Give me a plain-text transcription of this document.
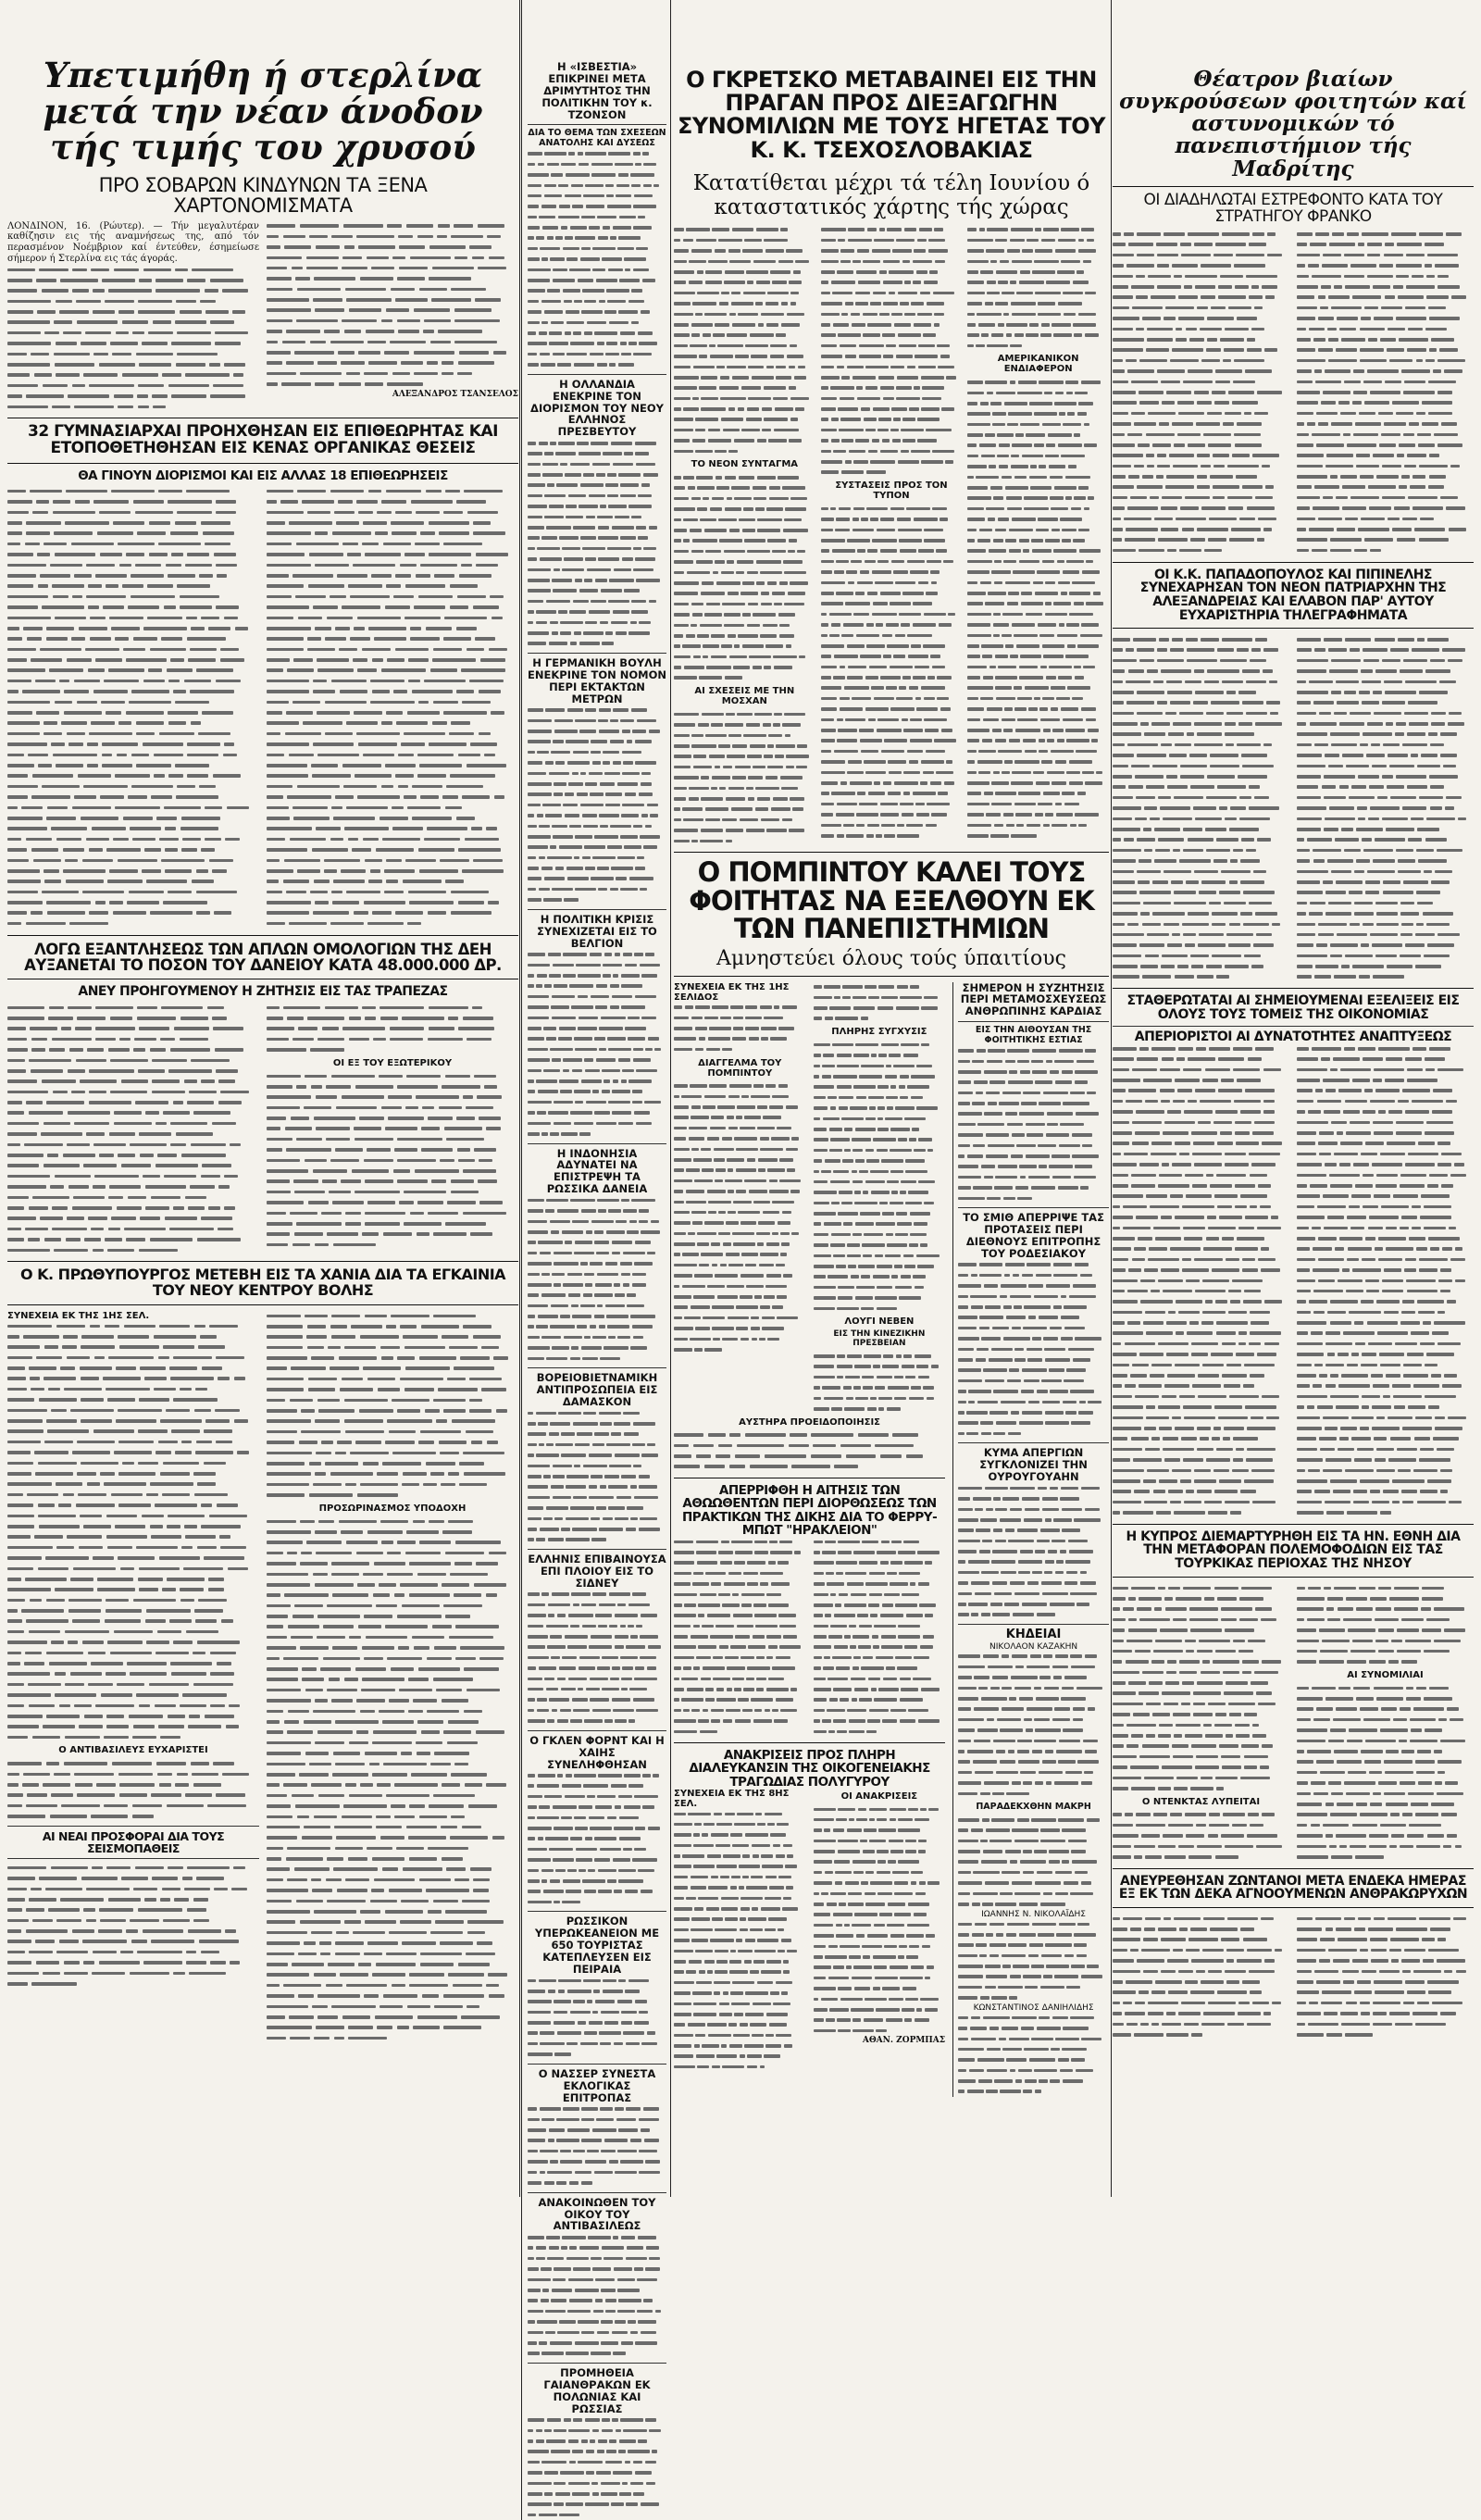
Υπετιμήθη ή στερλίνα μετά την νέαν άνοδον τής τιμής του χρυσού
ΠΡΟ ΣΟΒΑΡΩΝ ΚΙΝΔΥΝΩΝ ΤΑ ΞΕΝΑ ΧΑΡΤΟΝΟΜΙΣΜΑΤΑ

ΛΟΝΔΙΝΟΝ, 16. (Ρώυτερ). — Τήν μεγαλυτέραν καθίζησιν εις τής αναμνήσεως της, από τόν περασμένον Νοέμβριον καί έντεύθεν, έσημείωσε σήμερον ή Στερλίνα εις τάς άγοράς.

ΑΛΕΞΑΝΔΡΟΣ ΤΣΑΝΣΕΛΟΣ
32 ΓΥΜΝΑΣΙΑΡΧΑΙ ΠΡΟΗΧΘΗΣΑΝ ΕΙΣ ΕΠΙΘΕΩΡΗΤΑΣ ΚΑΙ ΕΤΟΠΟΘΕΤΗΘΗΣΑΝ ΕΙΣ ΚΕΝΑΣ ΟΡΓΑΝΙΚΑΣ ΘΕΣΕΙΣ
ΘΑ ΓΙΝΟΥΝ ΔΙΟΡΙΣΜΟΙ ΚΑΙ ΕΙΣ ΑΛΛΑΣ 18 ΕΠΙΘΕΩΡΗΣΕΙΣ
ΛΟΓΩ ΕΞΑΝΤΛΗΣΕΩΣ ΤΩΝ ΑΠΛΩΝ ΟΜΟΛΟΓΙΩΝ ΤΗΣ ΔΕΗ ΑΥΞΑΝΕΤΑΙ ΤΟ ΠΟΣΟΝ ΤΟΥ ΔΑΝΕΙΟΥ ΚΑΤΑ 48.000.000 ΔΡ.
ΑΝΕΥ ΠΡΟΗΓΟΥΜΕΝΟΥ Η ΖΗΤΗΣΙΣ ΕΙΣ ΤΑΣ ΤΡΑΠΕΖΑΣ
ΟΙ ΕΞ ΤΟΥ ΕΞΩΤΕΡΙΚΟΥ
Ο Κ. ΠΡΩΘΥΠΟΥΡΓΟΣ ΜΕΤΕΒΗ ΕΙΣ ΤΑ ΧΑΝΙΑ ΔΙΑ ΤΑ ΕΓΚΑΙΝΙΑ ΤΟΥ ΝΕΟΥ ΚΕΝΤΡΟΥ ΒΟΛΗΣ
ΣΥΝΕΧΕΙΑ ΕΚ ΤΗΣ 1ΗΣ ΣΕΛ.
Ο ΑΝΤΙΒΑΣΙΛΕΥΣ ΕΥΧΑΡΙΣΤΕΙ
ΑΙ ΝΕΑΙ ΠΡΟΣΦΟΡΑΙ ΔΙΑ ΤΟΥΣ ΣΕΙΣΜΟΠΑΘΕΙΣ
ΠΡΟΣΩΡΙΝΑΣΜΟΣ ΥΠΟΔΟΧΗ
Η «ΙΣΒΕΣΤΙΑ» ΕΠΙΚΡΙΝΕΙ ΜΕΤΑ ΔΡΙΜΥΤΗΤΟΣ ΤΗΝ ΠΟΛΙΤΙΚΗΝ ΤΟΥ κ. ΤΖΟΝΣΟΝ
ΔΙΑ ΤΟ ΘΕΜΑ ΤΩΝ ΣΧΕΣΕΩΝ ΑΝΑΤΟΛΗΣ ΚΑΙ ΔΥΣΕΩΣ
Η ΟΛΛΑΝΔΙΑ ΕΝΕΚΡΙΝΕ ΤΟΝ ΔΙΟΡΙΣΜΟΝ ΤΟΥ ΝΕΟΥ ΕΛΛΗΝΟΣ ΠΡΕΣΒΕΥΤΟΥ
Η ΓΕΡΜΑΝΙΚΗ ΒΟΥΛΗ ΕΝΕΚΡΙΝΕ ΤΟΝ ΝΟΜΟΝ ΠΕΡΙ ΕΚΤΑΚΤΩΝ ΜΕΤΡΩΝ
Η ΠΟΛΙΤΙΚΗ ΚΡΙΣΙΣ ΣΥΝΕΧΙΖΕΤΑΙ ΕΙΣ ΤΟ ΒΕΛΓΙΟΝ
Η ΙΝΔΟΝΗΣΙΑ ΑΔΥΝΑΤΕΙ ΝΑ ΕΠΙΣΤΡΕΨΗ ΤΑ ΡΩΣΣΙΚΑ ΔΑΝΕΙΑ
ΒΟΡΕΙΟΒΙΕΤΝΑΜΙΚΗ ΑΝΤΙΠΡΟΣΩΠΕΙΑ ΕΙΣ ΔΑΜΑΣΚΟΝ
ΕΛΛΗΝΙΣ ΕΠΙΒΑΙΝΟΥΣΑ ΕΠΙ ΠΛΟΙΟΥ ΕΙΣ ΤΟ ΣΙΔΝΕΥ
Ο ΓΚΛΕΝ ΦΟΡΝΤ ΚΑΙ Η ΧΑΙΗΣ ΣΥΝΕΛΗΦΘΗΣΑΝ
ΡΩΣΣΙΚΟΝ ΥΠΕΡΩΚΕΑΝΕΙΟΝ ΜΕ 650 ΤΟΥΡΙΣΤΑΣ ΚΑΤΕΠΛΕΥΣΕΝ ΕΙΣ ΠΕΙΡΑΙΑ
Ο ΝΑΣΣΕΡ ΣΥΝΕΣΤΑ ΕΚΛΟΓΙΚΑΣ ΕΠΙΤΡΟΠΑΣ
ΑΝΑΚΟΙΝΩΘΕΝ ΤΟΥ ΟΙΚΟΥ ΤΟΥ ΑΝΤΙΒΑΣΙΛΕΩΣ
ΠΡΟΜΗΘΕΙΑ ΓΑΙΑΝΘΡΑΚΩΝ ΕΚ ΠΟΛΩΝΙΑΣ ΚΑΙ ΡΩΣΣΙΑΣ
Ο ΓΚΡΕΤΣΚΟ ΜΕΤΑΒΑΙΝΕΙ ΕΙΣ ΤΗΝ ΠΡΑΓΑΝ ΠΡΟΣ ΔΙΕΞΑΓΩΓΗΝ ΣΥΝΟΜΙΛΙΩΝ ΜΕ ΤΟΥΣ ΗΓΕΤΑΣ ΤΟΥ Κ. Κ. ΤΣΕΧΟΣΛΟΒΑΚΙΑΣ
Κατατίθεται μέχρι τά τέλη Ιουνίου ό καταστατικός χάρτης τής χώρας
ΤΟ ΝΕΟΝ ΣΥΝΤΑΓΜΑ
ΑΙ ΣΧΕΣΕΙΣ ΜΕ ΤΗΝ ΜΟΣΧΑΝ
ΣΥΣΤΑΣΕΙΣ ΠΡΟΣ ΤΟΝ ΤΥΠΟΝ
ΑΜΕΡΙΚΑΝΙΚΟΝ ΕΝΔΙΑΦΕΡΟΝ
Ο ΠΟΜΠΙΝΤΟΥ ΚΑΛΕΙ ΤΟΥΣ ΦΟΙΤΗΤΑΣ ΝΑ ΕΞΕΛΘΟΥΝ ΕΚ ΤΩΝ ΠΑΝΕΠΙΣΤΗΜΙΩΝ
Αμνηστεύει όλους τούς ύπαιτίους
ΣΥΝΕΧΕΙΑ ΕΚ ΤΗΣ 1ΗΣ ΣΕΛΙΔΟΣ
ΔΙΑΓΓΕΛΜΑ ΤΟΥ ΠΟΜΠΙΝΤΟΥ
ΠΛΗΡΗΣ ΣΥΓΧΥΣΙΣ
ΛΟΥΓΙ ΝΕΒΕΝ
ΕΙΣ ΤΗΝ ΚΙΝΕΖΙΚΗΝ ΠΡΕΣΒΕΙΑΝ
ΑΥΣΤΗΡΑ ΠΡΟΕΙΔΟΠΟΙΗΣΙΣ
ΑΠΕΡΡΙΦΘΗ Η ΑΙΤΗΣΙΣ ΤΩΝ ΑΘΩΩΘΕΝΤΩΝ ΠΕΡΙ ΔΙΟΡΘΩΣΕΩΣ ΤΩΝ ΠΡΑΚΤΙΚΩΝ ΤΗΣ ΔΙΚΗΣ ΔΙΑ ΤΟ ΦΕΡΡΥ-ΜΠΩΤ "ΗΡΑΚΛΕΙΟΝ"
ΑΝΑΚΡΙΣΕΙΣ ΠΡΟΣ ΠΛΗΡΗ ΔΙΑΛΕΥΚΑΝΣΙΝ ΤΗΣ ΟΙΚΟΓΕΝΕΙΑΚΗΣ ΤΡΑΓΩΔΙΑΣ ΠΟΛΥΓΥΡΟΥ
ΣΥΝΕΧΕΙΑ ΕΚ ΤΗΣ 8ΗΣ ΣΕΛ.
ΟΙ ΑΝΑΚΡΙΣΕΙΣ
ΑΘΑΝ. ΖΟΡΜΠΑΣ
ΣΗΜΕΡΟΝ Η ΣΥΖΗΤΗΣΙΣ ΠΕΡΙ ΜΕΤΑΜΟΣΧΕΥΣΕΩΣ ΑΝΘΡΩΠΙΝΗΣ ΚΑΡΔΙΑΣ
ΕΙΣ ΤΗΝ ΑΙΘΟΥΣΑΝ ΤΗΣ ΦΟΙΤΗΤΙΚΗΣ ΕΣΤΙΑΣ
ΤΟ ΣΜΙΘ ΑΠΕΡΡΙΨΕ ΤΑΣ ΠΡΟΤΑΣΕΙΣ ΠΕΡΙ ΔΙΕΘΝΟΥΣ ΕΠΙΤΡΟΠΗΣ ΤΟΥ ΡΟΔΕΣΙΑΚΟΥ
ΚΥΜΑ ΑΠΕΡΓΙΩΝ ΣΥΓΚΛΟΝΙΖΕΙ ΤΗΝ ΟΥΡΟΥΓΟΥΑΗΝ
ΚΗΔΕΙΑΙ
ΝΙΚΟΛΑΟΝ ΚΑΖΑΚΗΝ
ΠΑΡΑΔΕΚΧΘΗΝ ΜΑΚΡΗ
ΙΩΑΝΝΗΣ Ν. ΝΙΚΟΛΑΪΔΗΣ
ΚΩΝΣΤΑΝΤΙΝΟΣ ΔΑΝΙΗΛΙΔΗΣ
Θέατρον βιαίων συγκρούσεων φοιτητών καί αστυνομικών τό πανεπιστήμιον τής Μαδρίτης
ΟΙ ΔΙΑΔΗΛΩΤΑΙ ΕΣΤΡΕΦΟΝΤΟ ΚΑΤΑ ΤΟΥ ΣΤΡΑΤΗΓΟΥ ΦΡΑΝΚΟ
ΟΙ Κ.Κ. ΠΑΠΑΔΟΠΟΥΛΟΣ ΚΑΙ ΠΙΠΙΝΕΛΗΣ ΣΥΝΕΧΑΡΗΣΑΝ ΤΟΝ ΝΕΟΝ ΠΑΤΡΙΑΡΧΗΝ ΤΗΣ ΑΛΕΞΑΝΔΡΕΙΑΣ ΚΑΙ ΕΛΑΒΟΝ ΠΑΡ' ΑΥΤΟΥ ΕΥΧΑΡΙΣΤΗΡΙΑ ΤΗΛΕΓΡΑΦΗΜΑΤΑ
ΣΤΑΘΕΡΩΤΑΤΑΙ ΑΙ ΣΗΜΕΙΟΥΜΕΝΑΙ ΕΞΕΛΙΞΕΙΣ ΕΙΣ ΟΛΟΥΣ ΤΟΥΣ ΤΟΜΕΙΣ ΤΗΣ ΟΙΚΟΝΟΜΙΑΣ
ΑΠΕΡΙΟΡΙΣΤΟΙ ΑΙ ΔΥΝΑΤΟΤΗΤΕΣ ΑΝΑΠΤΥΞΕΩΣ
Η ΚΥΠΡΟΣ ΔΙΕΜΑΡΤΥΡΗΘΗ ΕΙΣ ΤΑ ΗΝ. ΕΘΝΗ ΔΙΑ ΤΗΝ ΜΕΤΑΦΟΡΑΝ ΠΟΛΕΜΟΦΟΔΙΩΝ ΕΙΣ ΤΑΣ ΤΟΥΡΚΙΚΑΣ ΠΕΡΙΟΧΑΣ ΤΗΣ ΝΗΣΟΥ
Ο ΝΤΕΝΚΤΑΣ ΛΥΠΕΙΤΑΙ
ΑΙ ΣΥΝΟΜΙΛΙΑΙ
ΑΝΕΥΡΕΘΗΣΑΝ ΖΩΝΤΑΝΟΙ ΜΕΤΑ ΕΝΔΕΚΑ ΗΜΕΡΑΣ ΕΞ ΕΚ ΤΩΝ ΔΕΚΑ ΑΓΝΟΟΥΜΕΝΩΝ ΑΝΘΡΑΚΩΡΥΧΩΝ
